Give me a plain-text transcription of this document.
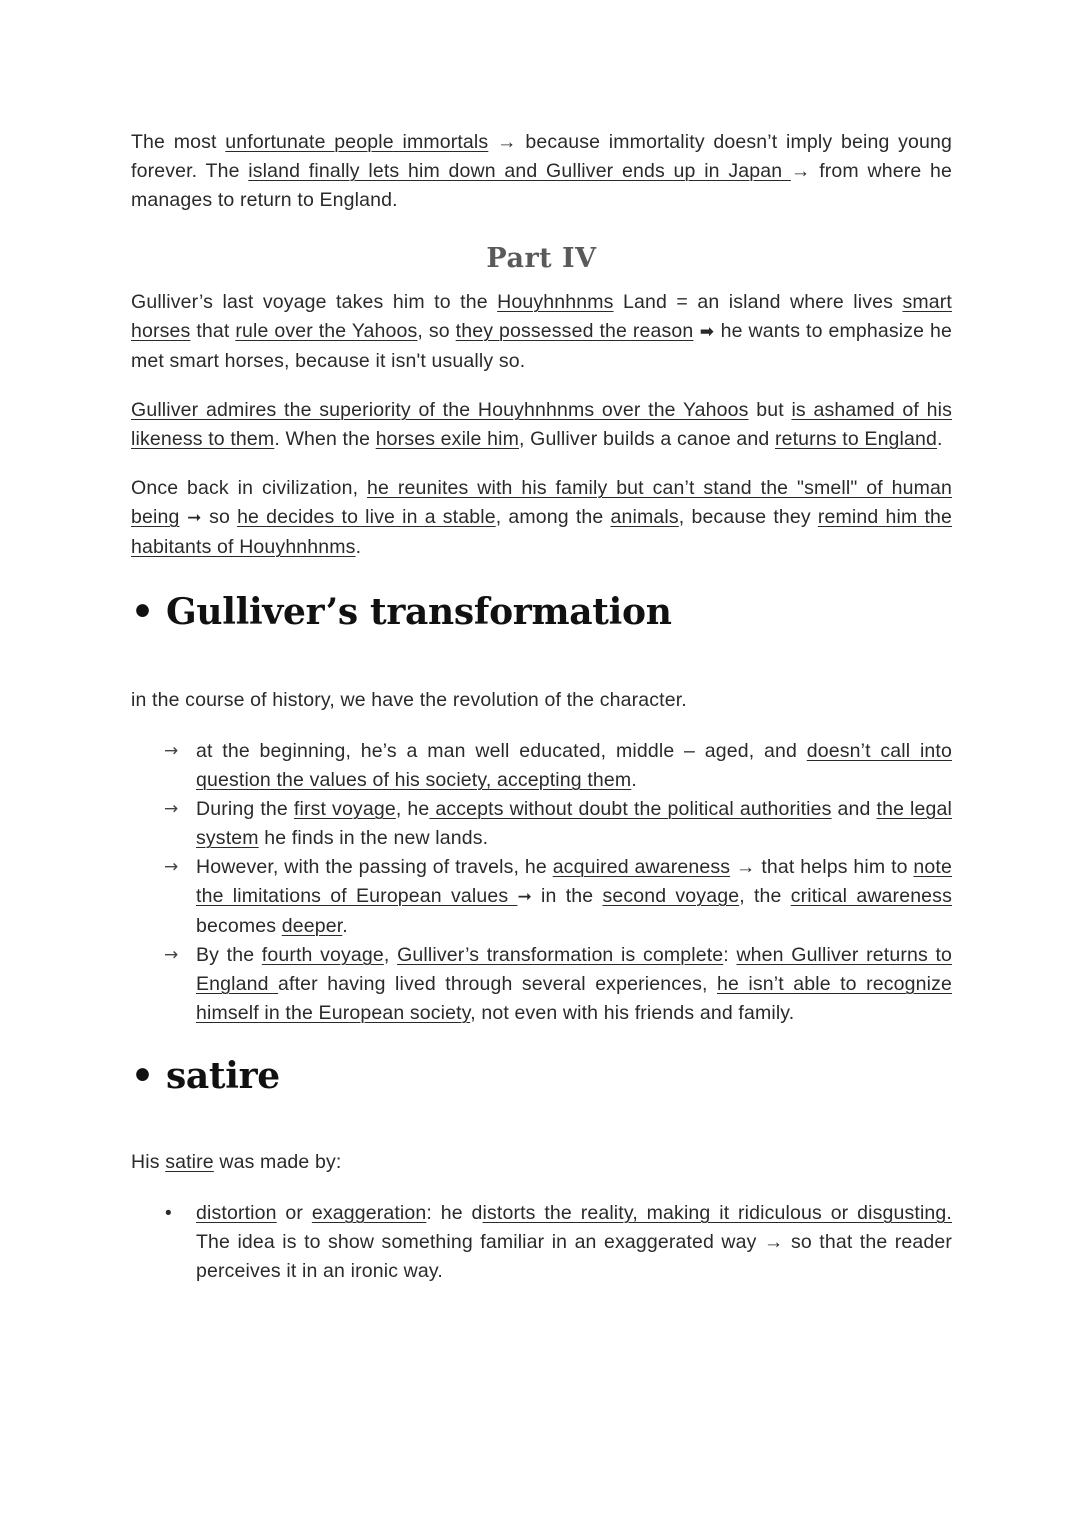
The most unfortunate people immortals → because immortality doesn’t imply being young forever. The island finally lets him down and Gulliver ends up in Japan → from where he manages to return to England.

Part IV

Gulliver’s last voyage takes him to the Houyhnhnms Land = an island where lives smart horses that rule over the Yahoos, so they possessed the reason ➡ he wants to emphasize he met smart horses, because it isn't usually so.

Gulliver admires the superiority of the Houyhnhnms over the Yahoos but is ashamed of his likeness to them. When the horses exile him, Gulliver builds a canoe and returns to England.

Once back in civilization, he reunites with his family but can’t stand the "smell" of human being ➞ so he decides to live in a stable, among the animals, because they remind him the habitants of Houyhnhnms.

• Gulliver’s transformation

in the course of history, we have the revolution of the character.

→ at the beginning, he’s a man well educated, middle – aged, and doesn’t call into question the values of his society, accepting them.
→ During the first voyage, he accepts without doubt the political authorities and the legal system he finds in the new lands.
→ However, with the passing of travels, he acquired awareness → that helps him to note the limitations of European values ➞ in the second voyage, the critical awareness becomes deeper.
→ By the fourth voyage, Gulliver’s transformation is complete: when Gulliver returns to England after having lived through several experiences, he isn’t able to recognize himself in the European society, not even with his friends and family.
• satire

His satire was made by:

• distortion or exaggeration: he distorts the reality, making it ridiculous or disgusting. The idea is to show something familiar in an exaggerated way → so that the reader perceives it in an ironic way.
